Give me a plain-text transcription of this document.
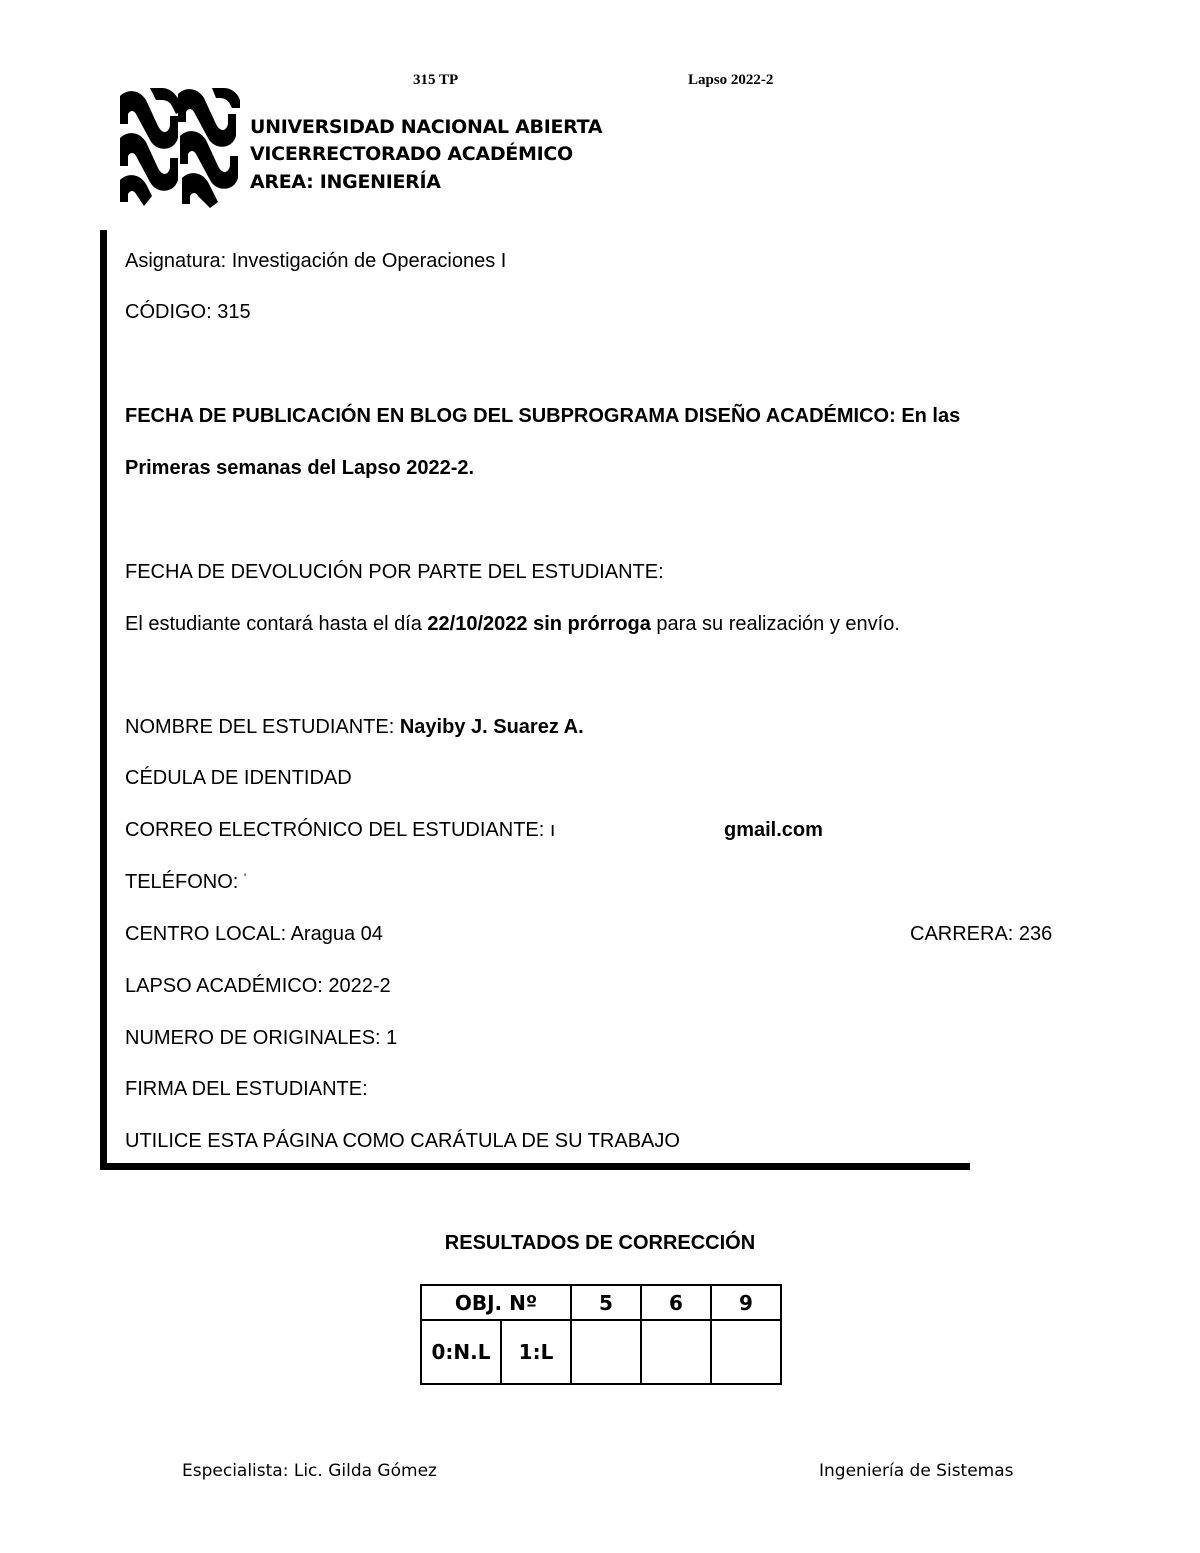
315 TP	Lapso 2022-2
UNIVERSIDAD NACIONAL ABIERTA
VICERRECTORADO ACADÉMICO
AREA: INGENIERÍA
Asignatura: Investigación de Operaciones I
CÓDIGO: 315
FECHA DE PUBLICACIÓN EN BLOG DEL SUBPROGRAMA DISEÑO ACADÉMICO: En las
Primeras semanas del Lapso 2022-2.
FECHA DE DEVOLUCIÓN POR PARTE DEL ESTUDIANTE:
El estudiante contará hasta el día 22/10/2022 sin prórroga para su realización y envío.
NOMBRE DEL ESTUDIANTE: Nayiby J. Suarez A.
CÉDULA DE IDENTIDAD
CORREO ELECTRÓNICO DEL ESTUDIANTE: ı	gmail.com
TELÉFONO: '
CENTRO LOCAL: Aragua 04	CARRERA: 236
LAPSO ACADÉMICO: 2022-2
NUMERO DE ORIGINALES: 1
FIRMA DEL ESTUDIANTE:
UTILICE ESTA PÁGINA COMO CARÁTULA DE SU TRABAJO
RESULTADOS DE CORRECCIÓN
OBJ. Nº		5	6	9
0:N.L	1:L			
Especialista: Lic. Gilda Gómez	Ingeniería de Sistemas
